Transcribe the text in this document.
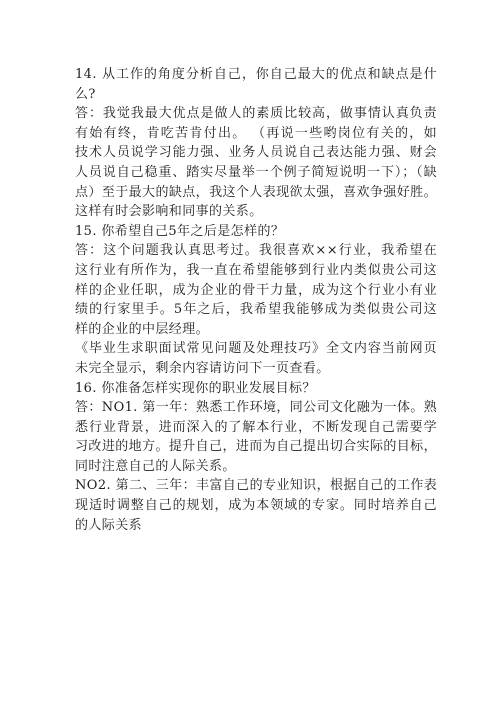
14. 从工作的角度分析自己，你自己最大的优点和缺点是什
么?
答：我觉我最大优点是做人的素质比较高，做事情认真负责
有始有终，肯吃苦肯付出。 （再说一些哟岗位有关的，如
技术人员说学习能力强、业务人员说自己表达能力强、财会
人员说自己稳重、踏实尽量举一个例子简短说明一下）；（缺
点）至于最大的缺点，我这个人表现欲太强，喜欢争强好胜。
这样有时会影响和同事的关系。
15. 你希望自己5年之后是怎样的？
答：这个问题我认真思考过。我很喜欢××行业，我希望在
这行业有所作为，我一直在希望能够到行业内类似贵公司这
样的企业任职，成为企业的骨干力量，成为这个行业小有业
绩的行家里手。5年之后，我希望我能够成为类似贵公司这
样的企业的中层经理。
《毕业生求职面试常见问题及处理技巧》全文内容当前网页
未完全显示，剩余内容请访问下一页查看。
16. 你准备怎样实现你的职业发展目标？
答：NO1. 第一年：熟悉工作环境，同公司文化融为一体。熟
悉行业背景，进而深入的了解本行业，不断发现自己需要学
习改进的地方。提升自己，进而为自己提出切合实际的目标，
同时注意自己的人际关系。
NO2. 第二、三年：丰富自己的专业知识，根据自己的工作表
现适时调整自己的规划，成为本领域的专家。同时培养自己
的人际关系
